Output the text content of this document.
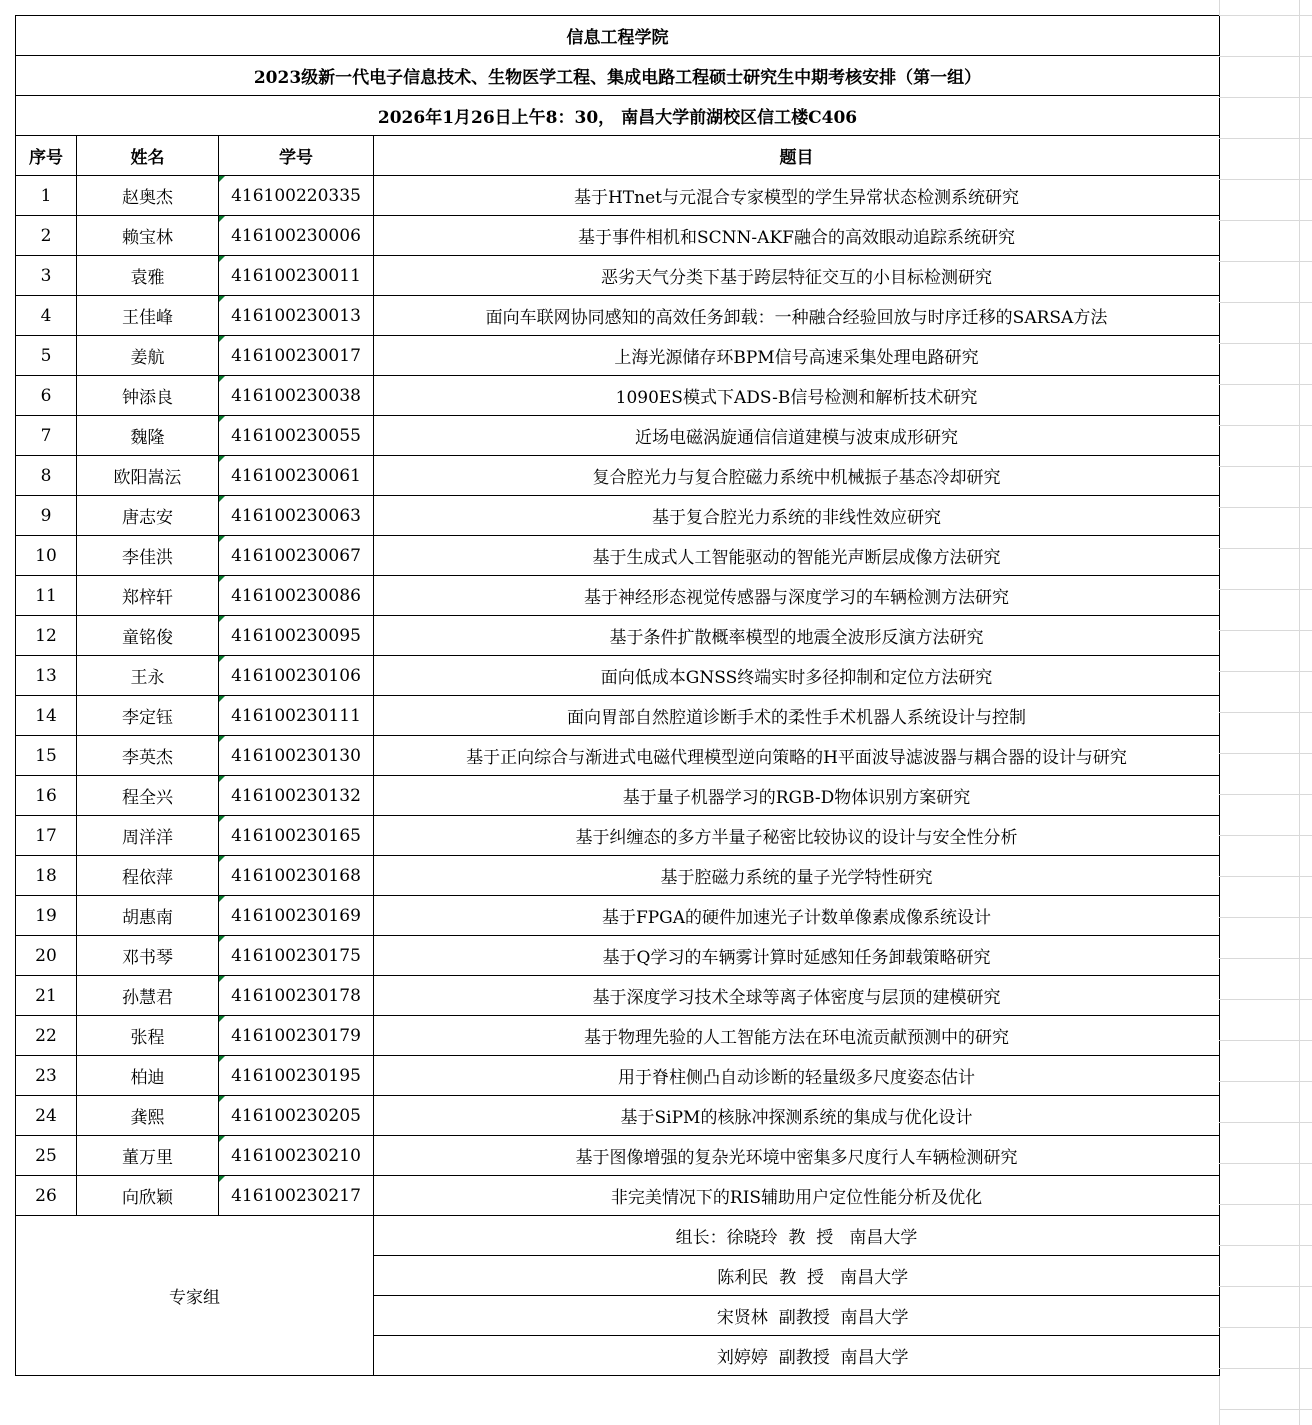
信息工程学院			
2023级新一代电子信息技术、生物医学工程、集成电路工程硕士研究生中期考核安排（第一组）			
2026年1月26日上午8：30， 南昌大学前湖校区信工楼C406			
序号	姓名	学号	题目
1	赵奥杰	416100220335	基于HTnet与元混合专家模型的学生异常状态检测系统研究
2	赖宝林	416100230006	基于事件相机和SCNN-AKF融合的高效眼动追踪系统研究
3	袁雅	416100230011	恶劣天气分类下基于跨层特征交互的小目标检测研究
4	王佳峰	416100230013	面向车联网协同感知的高效任务卸载：一种融合经验回放与时序迁移的SARSA方法
5	姜航	416100230017	上海光源储存环BPM信号高速采集处理电路研究
6	钟添良	416100230038	1090ES模式下ADS-B信号检测和解析技术研究
7	魏隆	416100230055	近场电磁涡旋通信信道建模与波束成形研究
8	欧阳嵩沄	416100230061	复合腔光力与复合腔磁力系统中机械振子基态冷却研究
9	唐志安	416100230063	基于复合腔光力系统的非线性效应研究
10	李佳洪	416100230067	基于生成式人工智能驱动的智能光声断层成像方法研究
11	郑梓轩	416100230086	基于神经形态视觉传感器与深度学习的车辆检测方法研究
12	童铭俊	416100230095	基于条件扩散概率模型的地震全波形反演方法研究
13	王永	416100230106	面向低成本GNSS终端实时多径抑制和定位方法研究
14	李定钰	416100230111	面向胃部自然腔道诊断手术的柔性手术机器人系统设计与控制
15	李英杰	416100230130	基于正向综合与渐进式电磁代理模型逆向策略的H平面波导滤波器与耦合器的设计与研究
16	程全兴	416100230132	基于量子机器学习的RGB-D物体识别方案研究
17	周洋洋	416100230165	基于纠缠态的多方半量子秘密比较协议的设计与安全性分析
18	程依萍	416100230168	基于腔磁力系统的量子光学特性研究
19	胡惠南	416100230169	基于FPGA的硬件加速光子计数单像素成像系统设计
20	邓书琴	416100230175	基于Q学习的车辆雾计算时延感知任务卸载策略研究
21	孙慧君	416100230178	基于深度学习技术全球等离子体密度与层顶的建模研究
22	张程	416100230179	基于物理先验的人工智能方法在环电流贡献预测中的研究
23	柏迪	416100230195	用于脊柱侧凸自动诊断的轻量级多尺度姿态估计
24	龚熙	416100230205	基于SiPM的核脉冲探测系统的集成与优化设计
25	董万里	416100230210	基于图像增强的复杂光环境中密集多尺度行人车辆检测研究
26	向欣颖	416100230217	非完美情况下的RIS辅助用户定位性能分析及优化
专家组			组长：徐晓玲  教  授   南昌大学
			陈利民  教  授   南昌大学
			宋贤林  副教授  南昌大学
			刘婷婷  副教授  南昌大学
